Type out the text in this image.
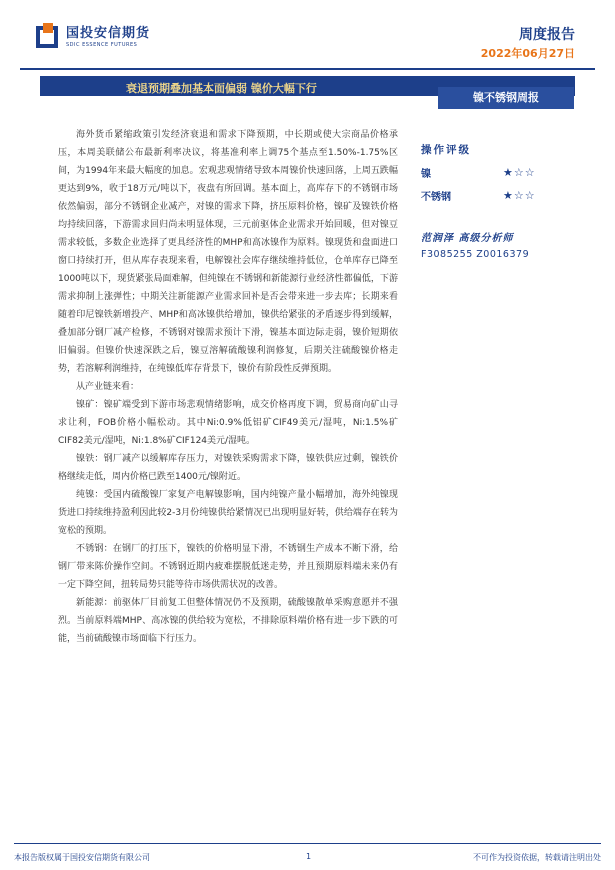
国投安信期货
SDIC ESSENCE FUTURES
周度报告
2022年06月27日
衰退预期叠加基本面偏弱 镍价大幅下行
镍不锈钢周报

海外货币紧缩政策引发经济衰退和需求下降预期，中长期或使大宗商品价格承压，本周美联储公布最新利率决议，将基准利率上调75个基点至1.50%-1.75%区间，为1994年来最大幅度的加息。宏观悲观情绪导致本周镍价快速回落，上周五跌幅更达到9%，收于18万元/吨以下，夜盘有所回调。基本面上，高库存下的不锈钢市场依然偏弱，部分不锈钢企业减产，对镍的需求下降，挤压原料价格，镍矿及镍铁价格均持续回落，下游需求回归尚未明显体现，三元前驱体企业需求开始回暖，但对镍豆需求较低，多数企业选择了更具经济性的MHP和高冰镍作为原料。镍现货和盘面进口窗口持续打开，但从库存表现来看，电解镍社会库存继续维持低位，仓单库存已降至1000吨以下，现货紧张局面难解，但纯镍在不锈钢和新能源行业经济性都偏低，下游需求抑制上涨弹性；中期关注新能源产业需求回补是否会带来进一步去库；长期来看随着印尼镍铁新增投产、MHP和高冰镍供给增加，镍供给紧张的矛盾逐步得到缓解，叠加部分钢厂减产检修，不锈钢对镍需求预计下滑，镍基本面边际走弱，镍价短期依旧偏弱。但镍价快速深跌之后，镍豆溶解硫酸镍利润修复，后期关注硫酸镍价格走势，若溶解利润维持，在纯镍低库存背景下，镍价有阶段性反弹预期。

从产业链来看：

镍矿：镍矿端受到下游市场悲观情绪影响，成交价格再度下调，贸易商向矿山寻求让利，FOB价格小幅松动。其中Ni:0.9%低铝矿CIF49美元/湿吨，Ni:1.5%矿CIF82美元/湿吨，Ni:1.8%矿CIF124美元/湿吨。

镍铁：钢厂减产以缓解库存压力，对镍铁采购需求下降，镍铁供应过剩，镍铁价格继续走低，周内价格已跌至1400元/镍附近。

纯镍：受国内硫酸镍厂家复产电解镍影响，国内纯镍产量小幅增加，海外纯镍现货进口持续维持盈利因此较2-3月份纯镍供给紧情况已出现明显好转，供给端存在转为宽松的预期。

不锈钢：在钢厂的打压下，镍铁的价格明显下滑，不锈钢生产成本不断下滑，给钢厂带来陈价操作空间。不锈钢近期内疲难摆脱低迷走势，并且预期原料端未来仍有一定下降空间，扭转局势只能等待市场供需状况的改善。

新能源：前驱体厂目前复工但整体情况仍不及预期，硫酸镍散单采购意愿并不强烈。当前原料端MHP、高冰镍的供给较为宽松，不排除原料端价格有进一步下跌的可能，当前硫酸镍市场面临下行压力。

操作评级
镍	★☆☆
不锈钢	★☆☆
范润泽 高级分析师
F3085255 Z0016379
本报告版权属于国投安信期货有限公司	1	不可作为投资依据，转载请注明出处
